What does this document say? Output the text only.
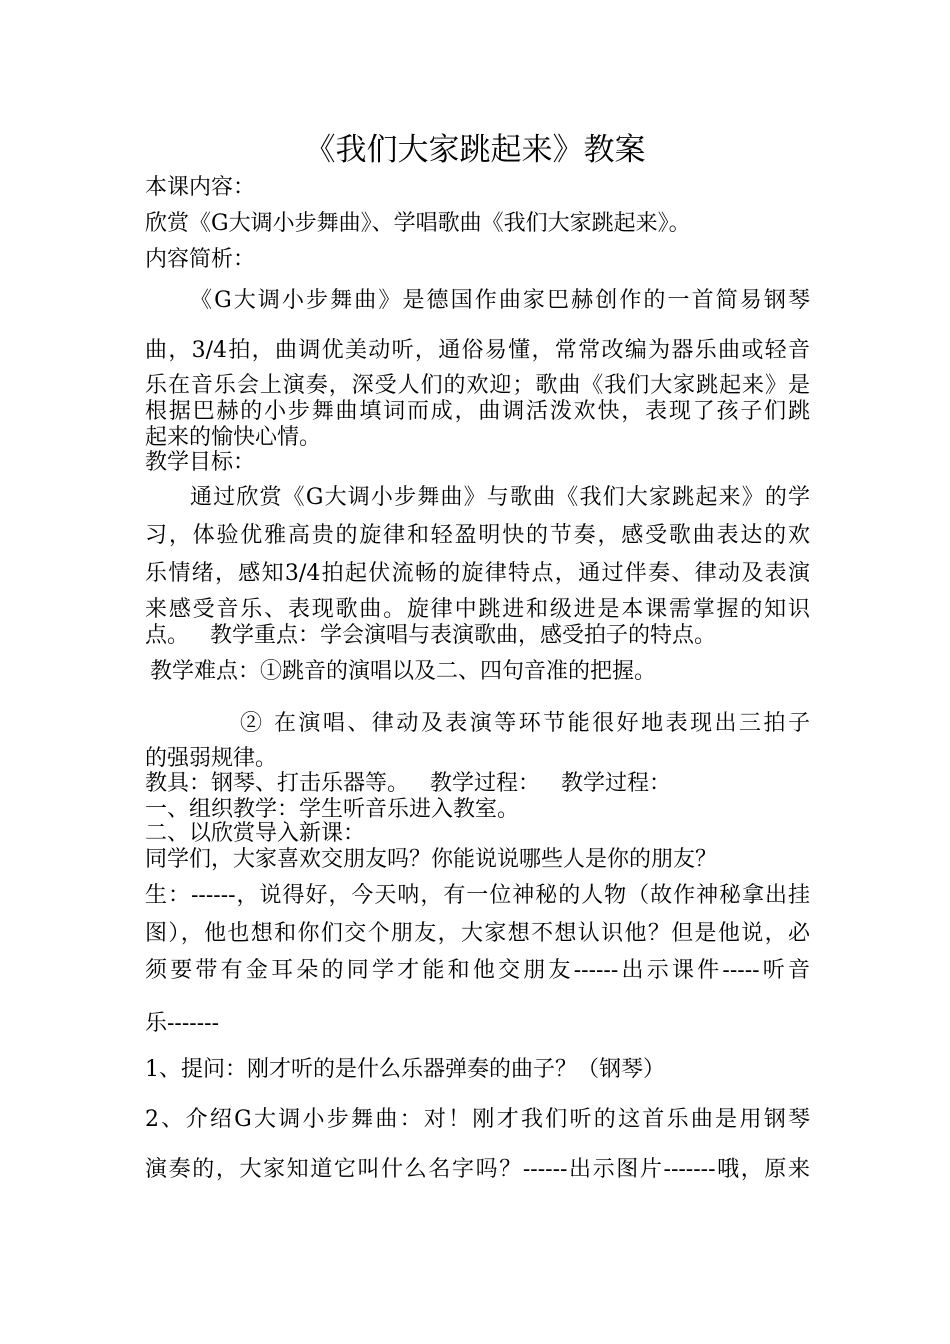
《我们大家跳起来》教案
本课内容：
欣赏《G大调小步舞曲》、学唱歌曲《我们大家跳起来》。
内容简析：
《G大调小步舞曲》是德国作曲家巴赫创作的一首简易钢琴
曲，3/4拍，曲调优美动听，通俗易懂，常常改编为器乐曲或轻音
乐在音乐会上演奏，深受人们的欢迎；歌曲《我们大家跳起来》是
根据巴赫的小步舞曲填词而成，曲调活泼欢快，表现了孩子们跳
起来的愉快心情。
教学目标：
通过欣赏《G大调小步舞曲》与歌曲《我们大家跳起来》的学
习，体验优雅高贵的旋律和轻盈明快的节奏，感受歌曲表达的欢
乐情绪，感知3/4拍起伏流畅的旋律特点，通过伴奏、律动及表演
来感受音乐、表现歌曲。旋律中跳进和级进是本课需掌握的知识
点。   教学重点：学会演唱与表演歌曲，感受拍子的特点。
教学难点：①跳音的演唱以及二、四句音准的把握。
② 在演唱、律动及表演等环节能很好地表现出三拍子
的强弱规律。
教具：钢琴、打击乐器等。   教学过程：   教学过程：
一、组织教学：学生听音乐进入教室。
二、以欣赏导入新课：
同学们，大家喜欢交朋友吗？你能说说哪些人是你的朋友？
生：------，说得好，今天呐，有一位神秘的人物（故作神秘拿出挂
图），他也想和你们交个朋友，大家想不想认识他？但是他说，必
须要带有金耳朵的同学才能和他交朋友------出示课件-----听音
乐-------
1、提问：刚才听的是什么乐器弹奏的曲子？（钢琴）
2、介绍G大调小步舞曲：对！刚才我们听的这首乐曲是用钢琴
演奏的，大家知道它叫什么名字吗？------出示图片-------哦，原来
